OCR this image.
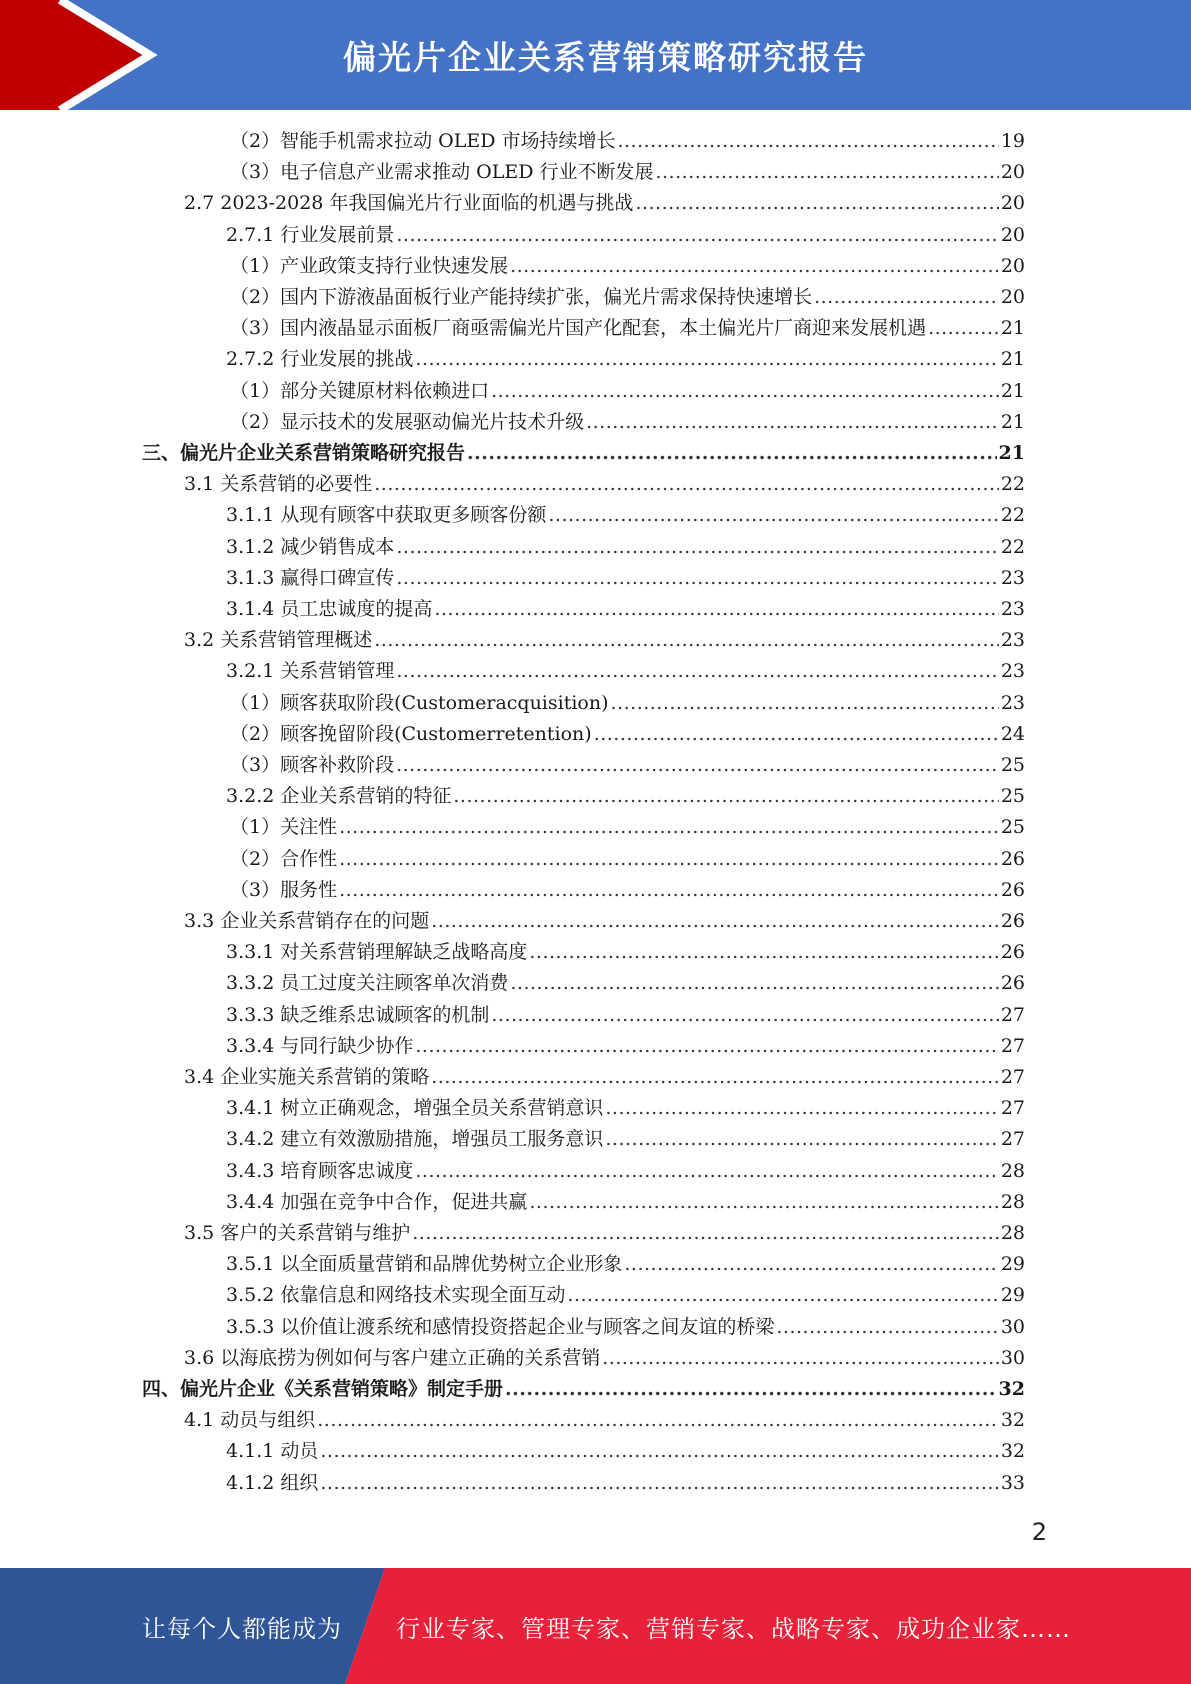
偏光片企业关系营销策略研究报告
（2）智能手机需求拉动 OLED 市场持续增长 .....	19
（3）电子信息产业需求推动 OLED 行业不断发展 .....	20
2.7 2023-2028 年我国偏光片行业面临的机遇与挑战 .....	20
2.7.1 行业发展前景 .....	20
（1）产业政策支持行业快速发展 .....	20
（2）国内下游液晶面板行业产能持续扩张，偏光片需求保持快速增长 .....	20
（3）国内液晶显示面板厂商亟需偏光片国产化配套，本土偏光片厂商迎来发展机遇 .....	21
2.7.2 行业发展的挑战 .....	21
（1）部分关键原材料依赖进口 .....	21
（2）显示技术的发展驱动偏光片技术升级 .....	21
三、偏光片企业关系营销策略研究报告 .....	21
3.1 关系营销的必要性 .....	22
3.1.1 从现有顾客中获取更多顾客份额 .....	22
3.1.2 减少销售成本 .....	22
3.1.3 赢得口碑宣传 .....	23
3.1.4 员工忠诚度的提高 .....	23
3.2 关系营销管理概述 .....	23
3.2.1 关系营销管理 .....	23
（1）顾客获取阶段(Customeracquisition) .....	23
（2）顾客挽留阶段(Customerretention) .....	24
（3）顾客补救阶段 .....	25
3.2.2 企业关系营销的特征 .....	25
（1）关注性 .....	25
（2）合作性 .....	26
（3）服务性 .....	26
3.3 企业关系营销存在的问题 .....	26
3.3.1 对关系营销理解缺乏战略高度 .....	26
3.3.2 员工过度关注顾客单次消费 .....	26
3.3.3 缺乏维系忠诚顾客的机制 .....	27
3.3.4 与同行缺少协作 .....	27
3.4 企业实施关系营销的策略 .....	27
3.4.1 树立正确观念，增强全员关系营销意识 .....	27
3.4.2 建立有效激励措施，增强员工服务意识 .....	27
3.4.3 培育顾客忠诚度 .....	28
3.4.4 加强在竞争中合作，促进共赢 .....	28
3.5 客户的关系营销与维护 .....	28
3.5.1 以全面质量营销和品牌优势树立企业形象 .....	29
3.5.2 依靠信息和网络技术实现全面互动 .....	29
3.5.3 以价值让渡系统和感情投资搭起企业与顾客之间友谊的桥梁 .....	30
3.6 以海底捞为例如何与客户建立正确的关系营销 .....	30
四、偏光片企业《关系营销策略》制定手册 .....	32
4.1 动员与组织 .....	32
4.1.1 动员 .....	32
4.1.2 组织 .....	33
2
让每个人都能成为 行业专家、管理专家、营销专家、战略专家、成功企业家……
